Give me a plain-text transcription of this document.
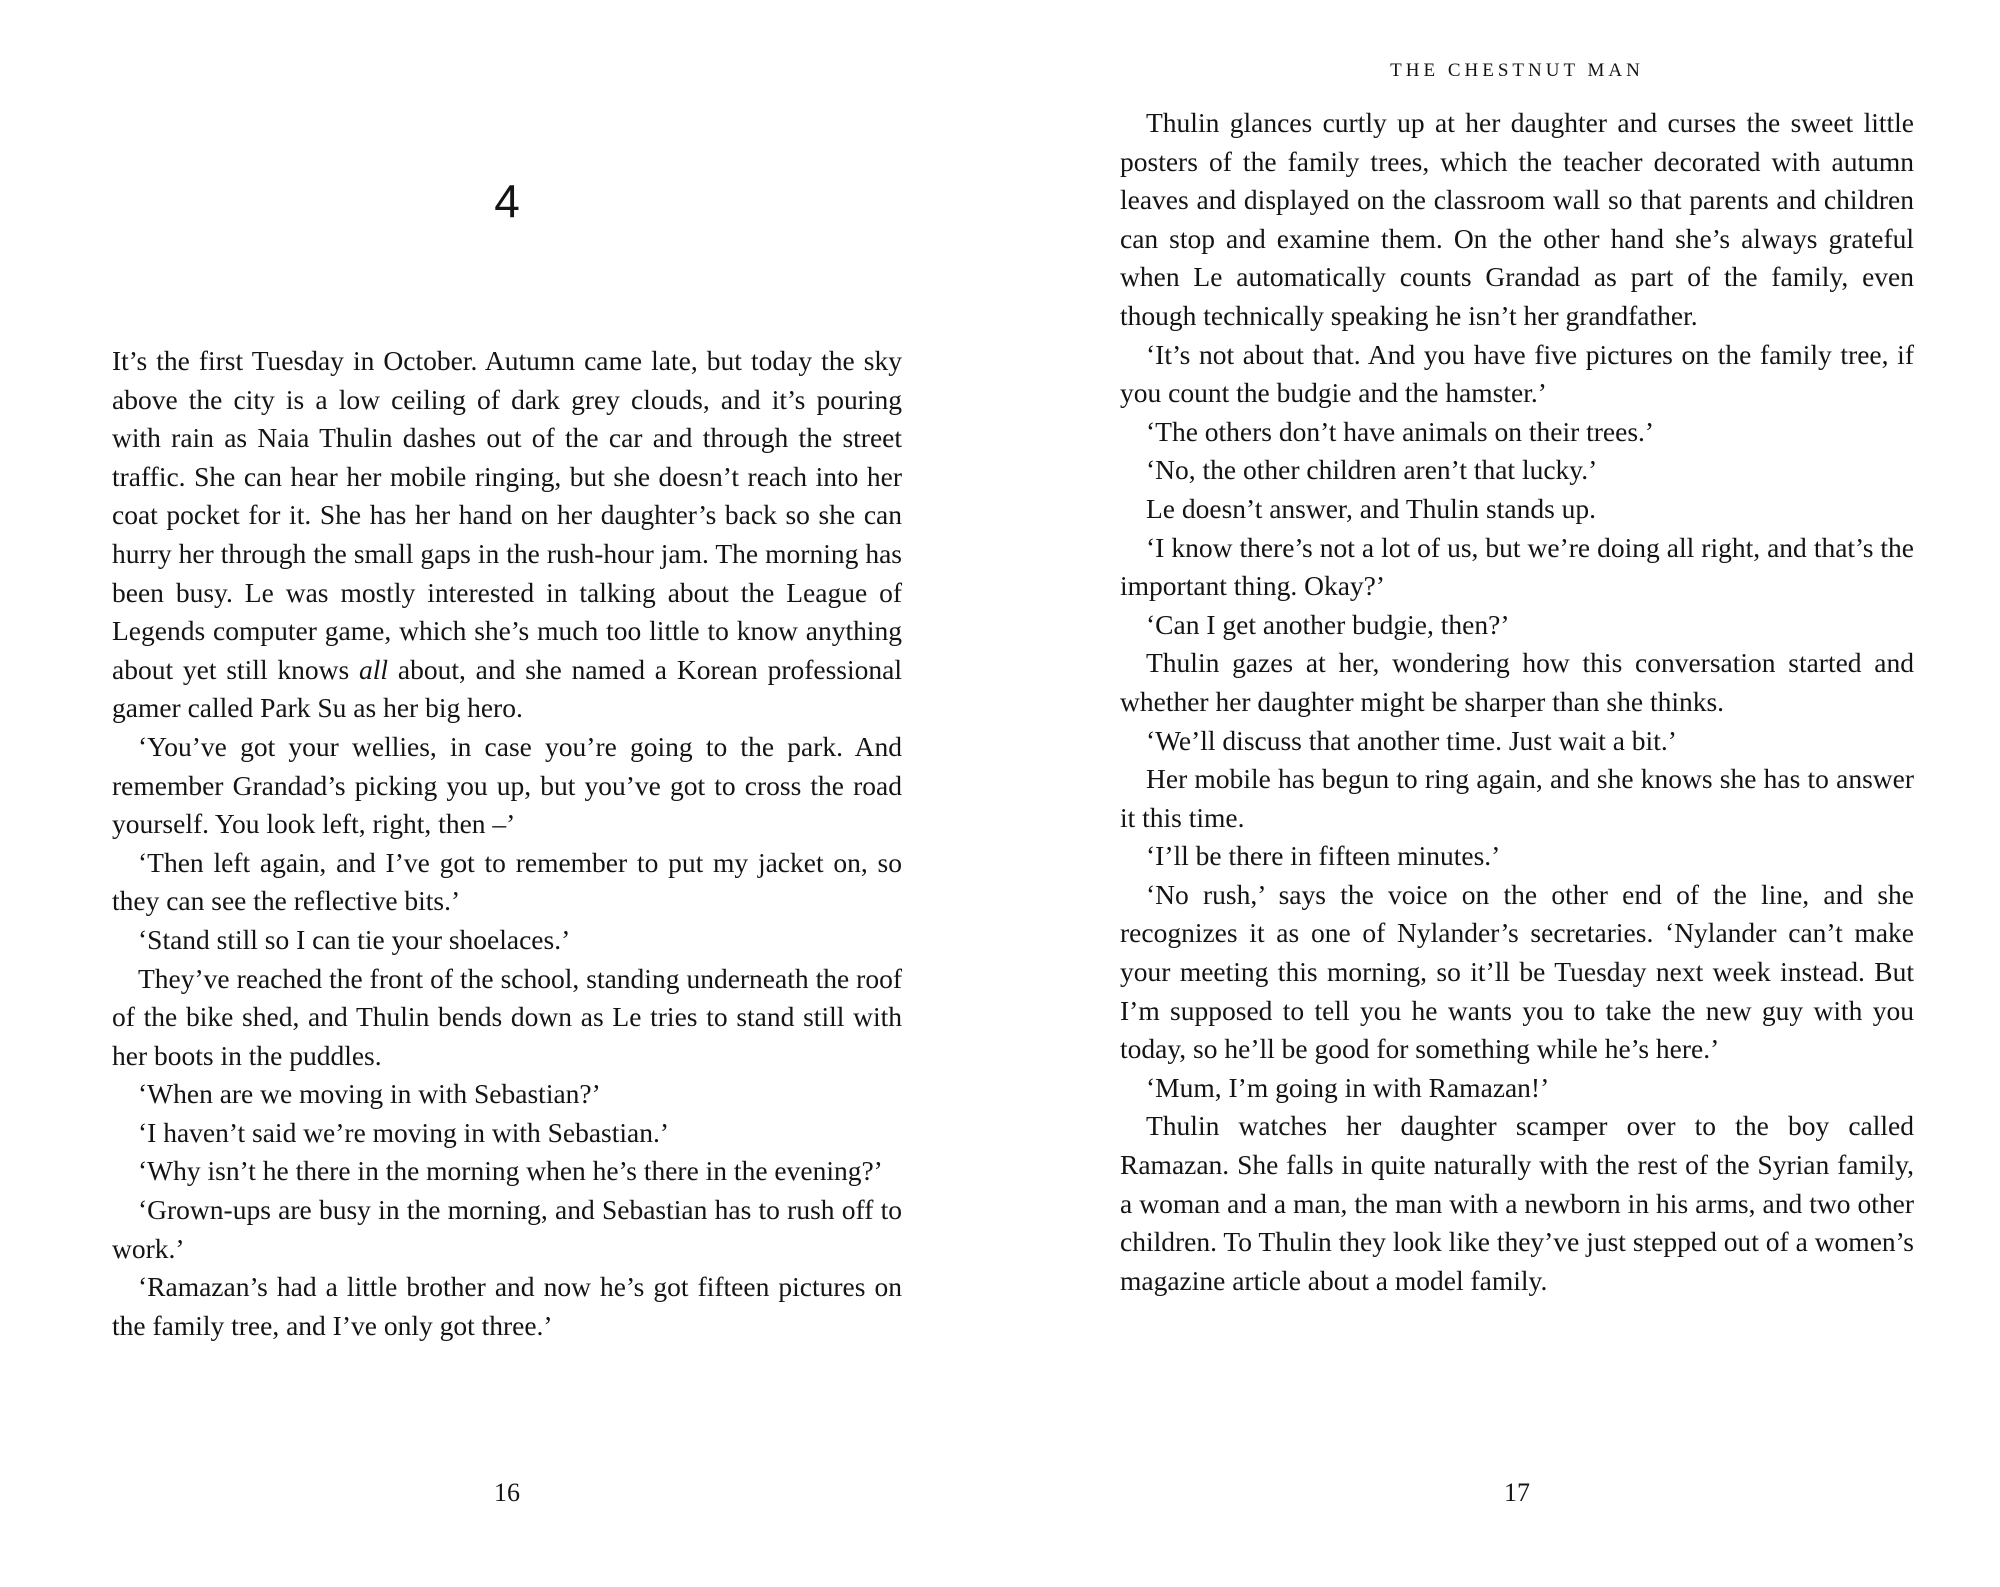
4

It’s the first Tuesday in October. Autumn came late, but today the sky above the city is a low ceiling of dark grey clouds, and it’s pouring with rain as Naia Thulin dashes out of the car and through the street traffic. She can hear her mobile ringing, but she doesn’t reach into her coat pocket for it. She has her hand on her daughter’s back so she can hurry her through the small gaps in the rush-hour jam. The morning has been busy. Le was mostly interested in talking about the League of Legends computer game, which she’s much too little to know anything about yet still knows all about, and she named a Korean professional gamer called Park Su as her big hero.

‘You’ve got your wellies, in case you’re going to the park. And remember Grandad’s picking you up, but you’ve got to cross the road yourself. You look left, right, then –’

‘Then left again, and I’ve got to remember to put my jacket on, so they can see the reflective bits.’

‘Stand still so I can tie your shoelaces.’

They’ve reached the front of the school, standing underneath the roof of the bike shed, and Thulin bends down as Le tries to stand still with her boots in the puddles.

‘When are we moving in with Sebastian?’

‘I haven’t said we’re moving in with Sebastian.’

‘Why isn’t he there in the morning when he’s there in the evening?’

‘Grown-ups are busy in the morning, and Sebastian has to rush off to work.’

‘Ramazan’s had a little brother and now he’s got fifteen pictures on the family tree, and I’ve only got three.’

16
THE CHESTNUT MAN

Thulin glances curtly up at her daughter and curses the sweet little posters of the family trees, which the teacher decorated with autumn leaves and displayed on the classroom wall so that parents and children can stop and examine them. On the other hand she’s always grateful when Le automatically counts Grandad as part of the family, even though technically speaking he isn’t her grandfather.

‘It’s not about that. And you have five pictures on the family tree, if you count the budgie and the hamster.’

‘The others don’t have animals on their trees.’

‘No, the other children aren’t that lucky.’

Le doesn’t answer, and Thulin stands up.

‘I know there’s not a lot of us, but we’re doing all right, and that’s the important thing. Okay?’

‘Can I get another budgie, then?’

Thulin gazes at her, wondering how this conversation started and whether her daughter might be sharper than she thinks.

‘We’ll discuss that another time. Just wait a bit.’

Her mobile has begun to ring again, and she knows she has to answer it this time.

‘I’ll be there in fifteen minutes.’

‘No rush,’ says the voice on the other end of the line, and she recognizes it as one of Nylander’s secretaries. ‘Nylander can’t make your meeting this morning, so it’ll be Tuesday next week instead. But I’m supposed to tell you he wants you to take the new guy with you today, so he’ll be good for something while he’s here.’

‘Mum, I’m going in with Ramazan!’

Thulin watches her daughter scamper over to the boy called Ramazan. She falls in quite naturally with the rest of the Syrian family, a woman and a man, the man with a newborn in his arms, and two other children. To Thulin they look like they’ve just stepped out of a women’s magazine article about a model family.

17
